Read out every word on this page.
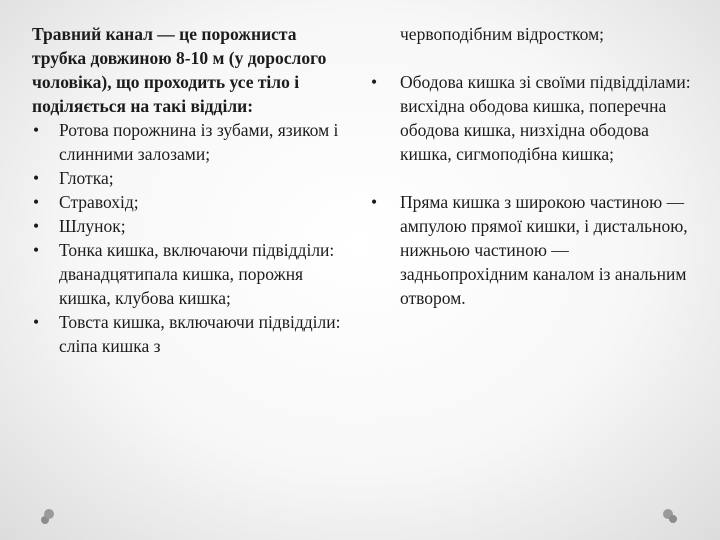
Травний канал — це порожниста трубка довжиною 8-10 м (у дорослого чоловіка), що проходить усе тіло і поділяється на такі відділи:

• Ротова порожнина із зубами, язиком і слинними залозами;
• Глотка;
• Стравохід;
• Шлунок;
• Тонка кишка, включаючи підвідділи: дванадцятипала кишка, порожня кишка, клубова кишка;
• Товста кишка, включаючи підвідділи: сліпа кишка з

червоподібним відростком;

• Ободова кишка зі своїми підвідділами: висхідна ободова кишка, поперечна ободова кишка, низхідна ободова кишка, сигмоподібна кишка;
• Пряма кишка з широкою частиною — ампулою прямої кишки, і дистальною, нижньою частиною — задньопрохідним каналом із анальним отвором.
